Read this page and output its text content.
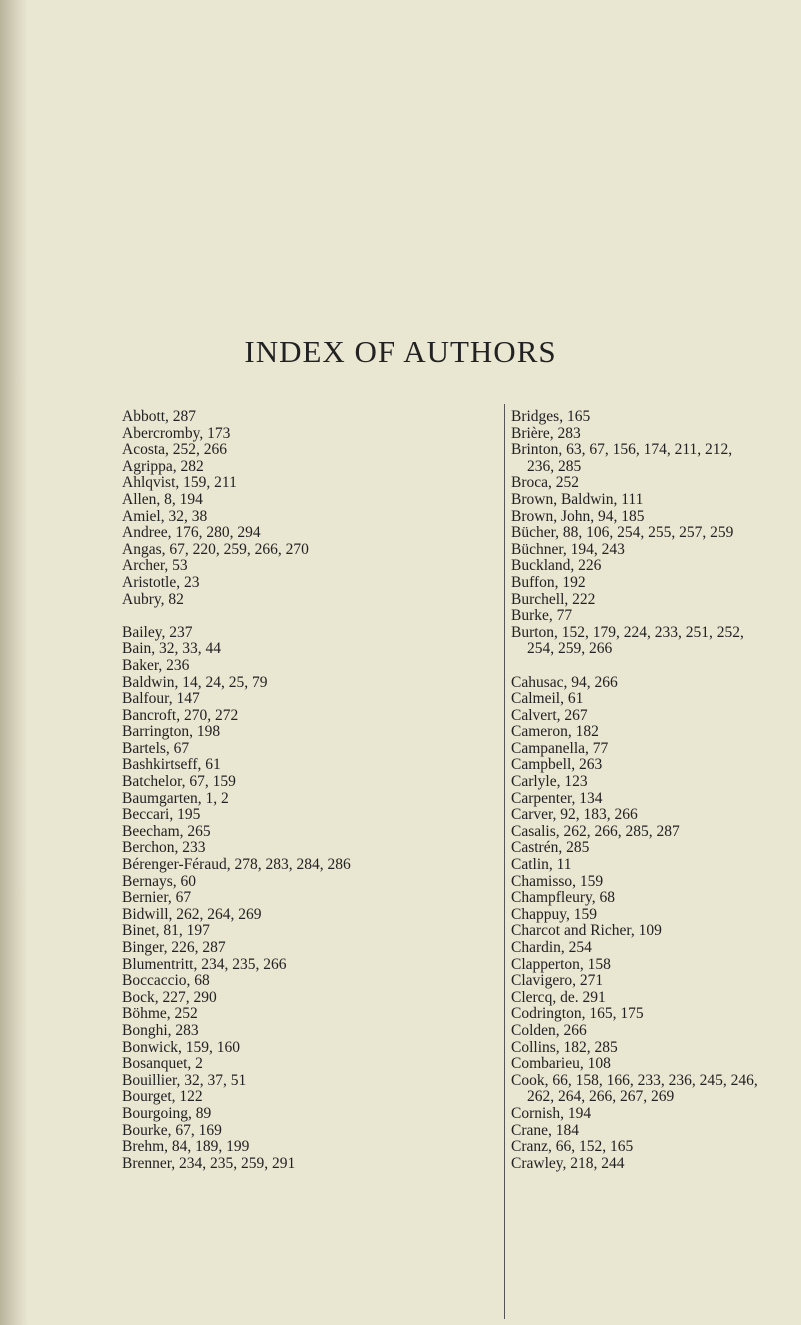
INDEX OF AUTHORS

Abbott, 287

Abercromby, 173

Acosta, 252, 266

Agrippa, 282

Ahlqvist, 159, 211

Allen, 8, 194

Amiel, 32, 38

Andree, 176, 280, 294

Angas, 67, 220, 259, 266, 270

Archer, 53

Aristotle, 23

Aubry, 82

Bailey, 237

Bain, 32, 33, 44

Baker, 236

Baldwin, 14, 24, 25, 79

Balfour, 147

Bancroft, 270, 272

Barrington, 198

Bartels, 67

Bashkirtseff, 61

Batchelor, 67, 159

Baumgarten, 1, 2

Beccari, 195

Beecham, 265

Berchon, 233

Bérenger-Féraud, 278, 283, 284, 286

Bernays, 60

Bernier, 67

Bidwill, 262, 264, 269

Binet, 81, 197

Binger, 226, 287

Blumentritt, 234, 235, 266

Boccaccio, 68

Bock, 227, 290

Böhme, 252

Bonghi, 283

Bonwick, 159, 160

Bosanquet, 2

Bouillier, 32, 37, 51

Bourget, 122

Bourgoing, 89

Bourke, 67, 169

Brehm, 84, 189, 199

Brenner, 234, 235, 259, 291

Bridges, 165

Brière, 283

Brinton, 63, 67, 156, 174, 211, 212,
236, 285

Broca, 252

Brown, Baldwin, 111

Brown, John, 94, 185

Bücher, 88, 106, 254, 255, 257, 259

Büchner, 194, 243

Buckland, 226

Buffon, 192

Burchell, 222

Burke, 77

Burton, 152, 179, 224, 233, 251, 252,
254, 259, 266

Cahusac, 94, 266

Calmeil, 61

Calvert, 267

Cameron, 182

Campanella, 77

Campbell, 263

Carlyle, 123

Carpenter, 134

Carver, 92, 183, 266

Casalis, 262, 266, 285, 287

Castrén, 285

Catlin, 11

Chamisso, 159

Champfleury, 68

Chappuy, 159

Charcot and Richer, 109

Chardin, 254

Clapperton, 158

Clavigero, 271

Clercq, de. 291

Codrington, 165, 175

Colden, 266

Collins, 182, 285

Combarieu, 108

Cook, 66, 158, 166, 233, 236, 245, 246,
262, 264, 266, 267, 269

Cornish, 194

Crane, 184

Cranz, 66, 152, 165

Crawley, 218, 244
